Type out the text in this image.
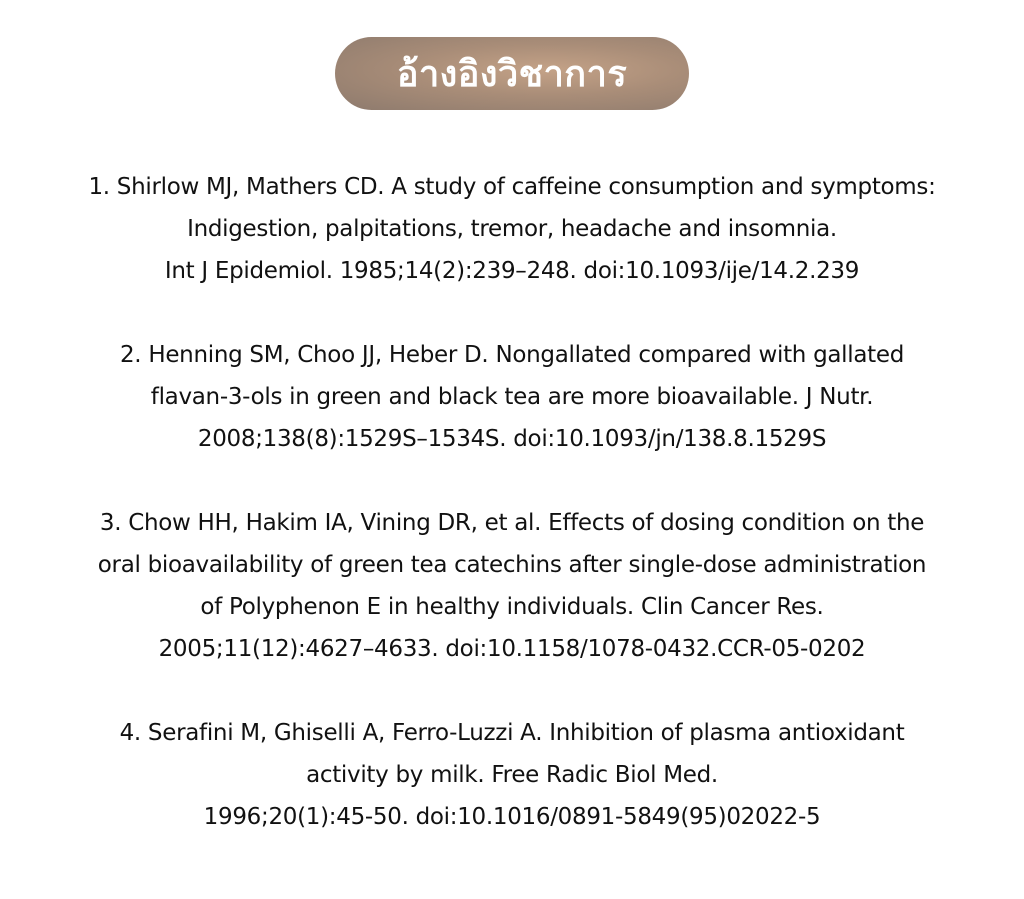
อ้างอิงวิชาการ
1. Shirlow MJ, Mathers CD. A study of caffeine consumption and symptoms:
Indigestion, palpitations, tremor, headache and insomnia.
Int J Epidemiol. 1985;14(2):239–248. doi:10.1093/ije/14.2.239
2. Henning SM, Choo JJ, Heber D. Nongallated compared with gallated
flavan-3-ols in green and black tea are more bioavailable. J Nutr.
2008;138(8):1529S–1534S. doi:10.1093/jn/138.8.1529S
3. Chow HH, Hakim IA, Vining DR, et al. Effects of dosing condition on the
oral bioavailability of green tea catechins after single-dose administration
of Polyphenon E in healthy individuals. Clin Cancer Res.
2005;11(12):4627–4633. doi:10.1158/1078-0432.CCR-05-0202
4. Serafini M, Ghiselli A, Ferro-Luzzi A. Inhibition of plasma antioxidant
activity by milk. Free Radic Biol Med.
1996;20(1):45-50. doi:10.1016/0891-5849(95)02022-5
